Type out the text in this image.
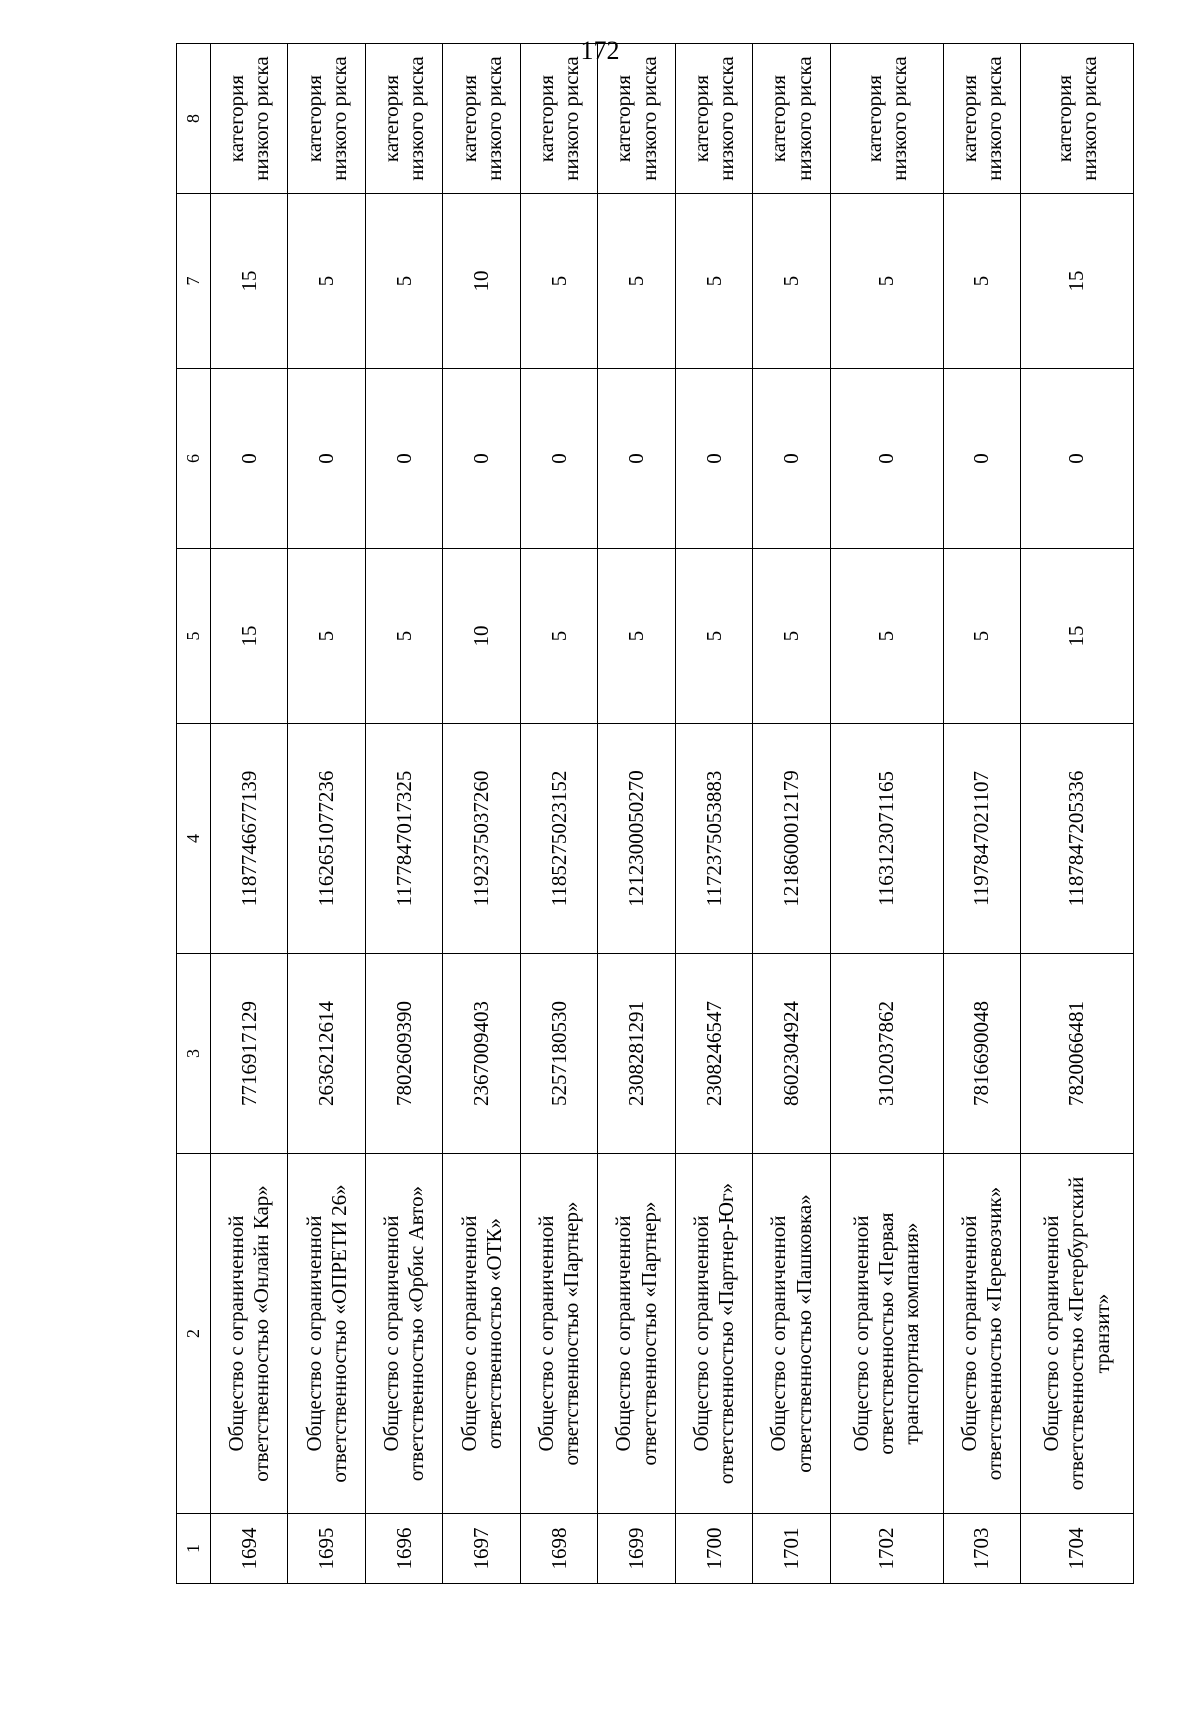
172
1	2	3	4	5	6	7	8
1694	Общество с ограниченной ответственностью «Онлайн Кар»	7716917129	1187746677139	15	0	15	категория низкого риска
1695	Общество с ограниченной ответственностью «ОПРЕТИ 26»	2636212614	1162651077236	5	0	5	категория низкого риска
1696	Общество с ограниченной ответственностью «Орбис Авто»	7802609390	1177847017325	5	0	5	категория низкого риска
1697	Общество с ограниченной ответственностью «ОТК»	2367009403	1192375037260	10	0	10	категория низкого риска
1698	Общество с ограниченной ответственностью «Партнер»	5257180530	1185275023152	5	0	5	категория низкого риска
1699	Общество с ограниченной ответственностью «Партнер»	2308281291	1212300050270	5	0	5	категория низкого риска
1700	Общество с ограниченной ответственностью «Партнер-Юг»	2308246547	1172375053883	5	0	5	категория низкого риска
1701	Общество с ограниченной ответственностью «Пашковка»	8602304924	1218600012179	5	0	5	категория низкого риска
1702	Общество с ограниченной ответственностью «Первая транспортная компания»	3102037862	1163123071165	5	0	5	категория низкого риска
1703	Общество с ограниченной ответственностью «Перевозчик»	7816690048	1197847021107	5	0	5	категория низкого риска
1704	Общество с ограниченной ответственностью «Петербургский транзит»	7820066481	1187847205336	15	0	15	категория низкого риска
